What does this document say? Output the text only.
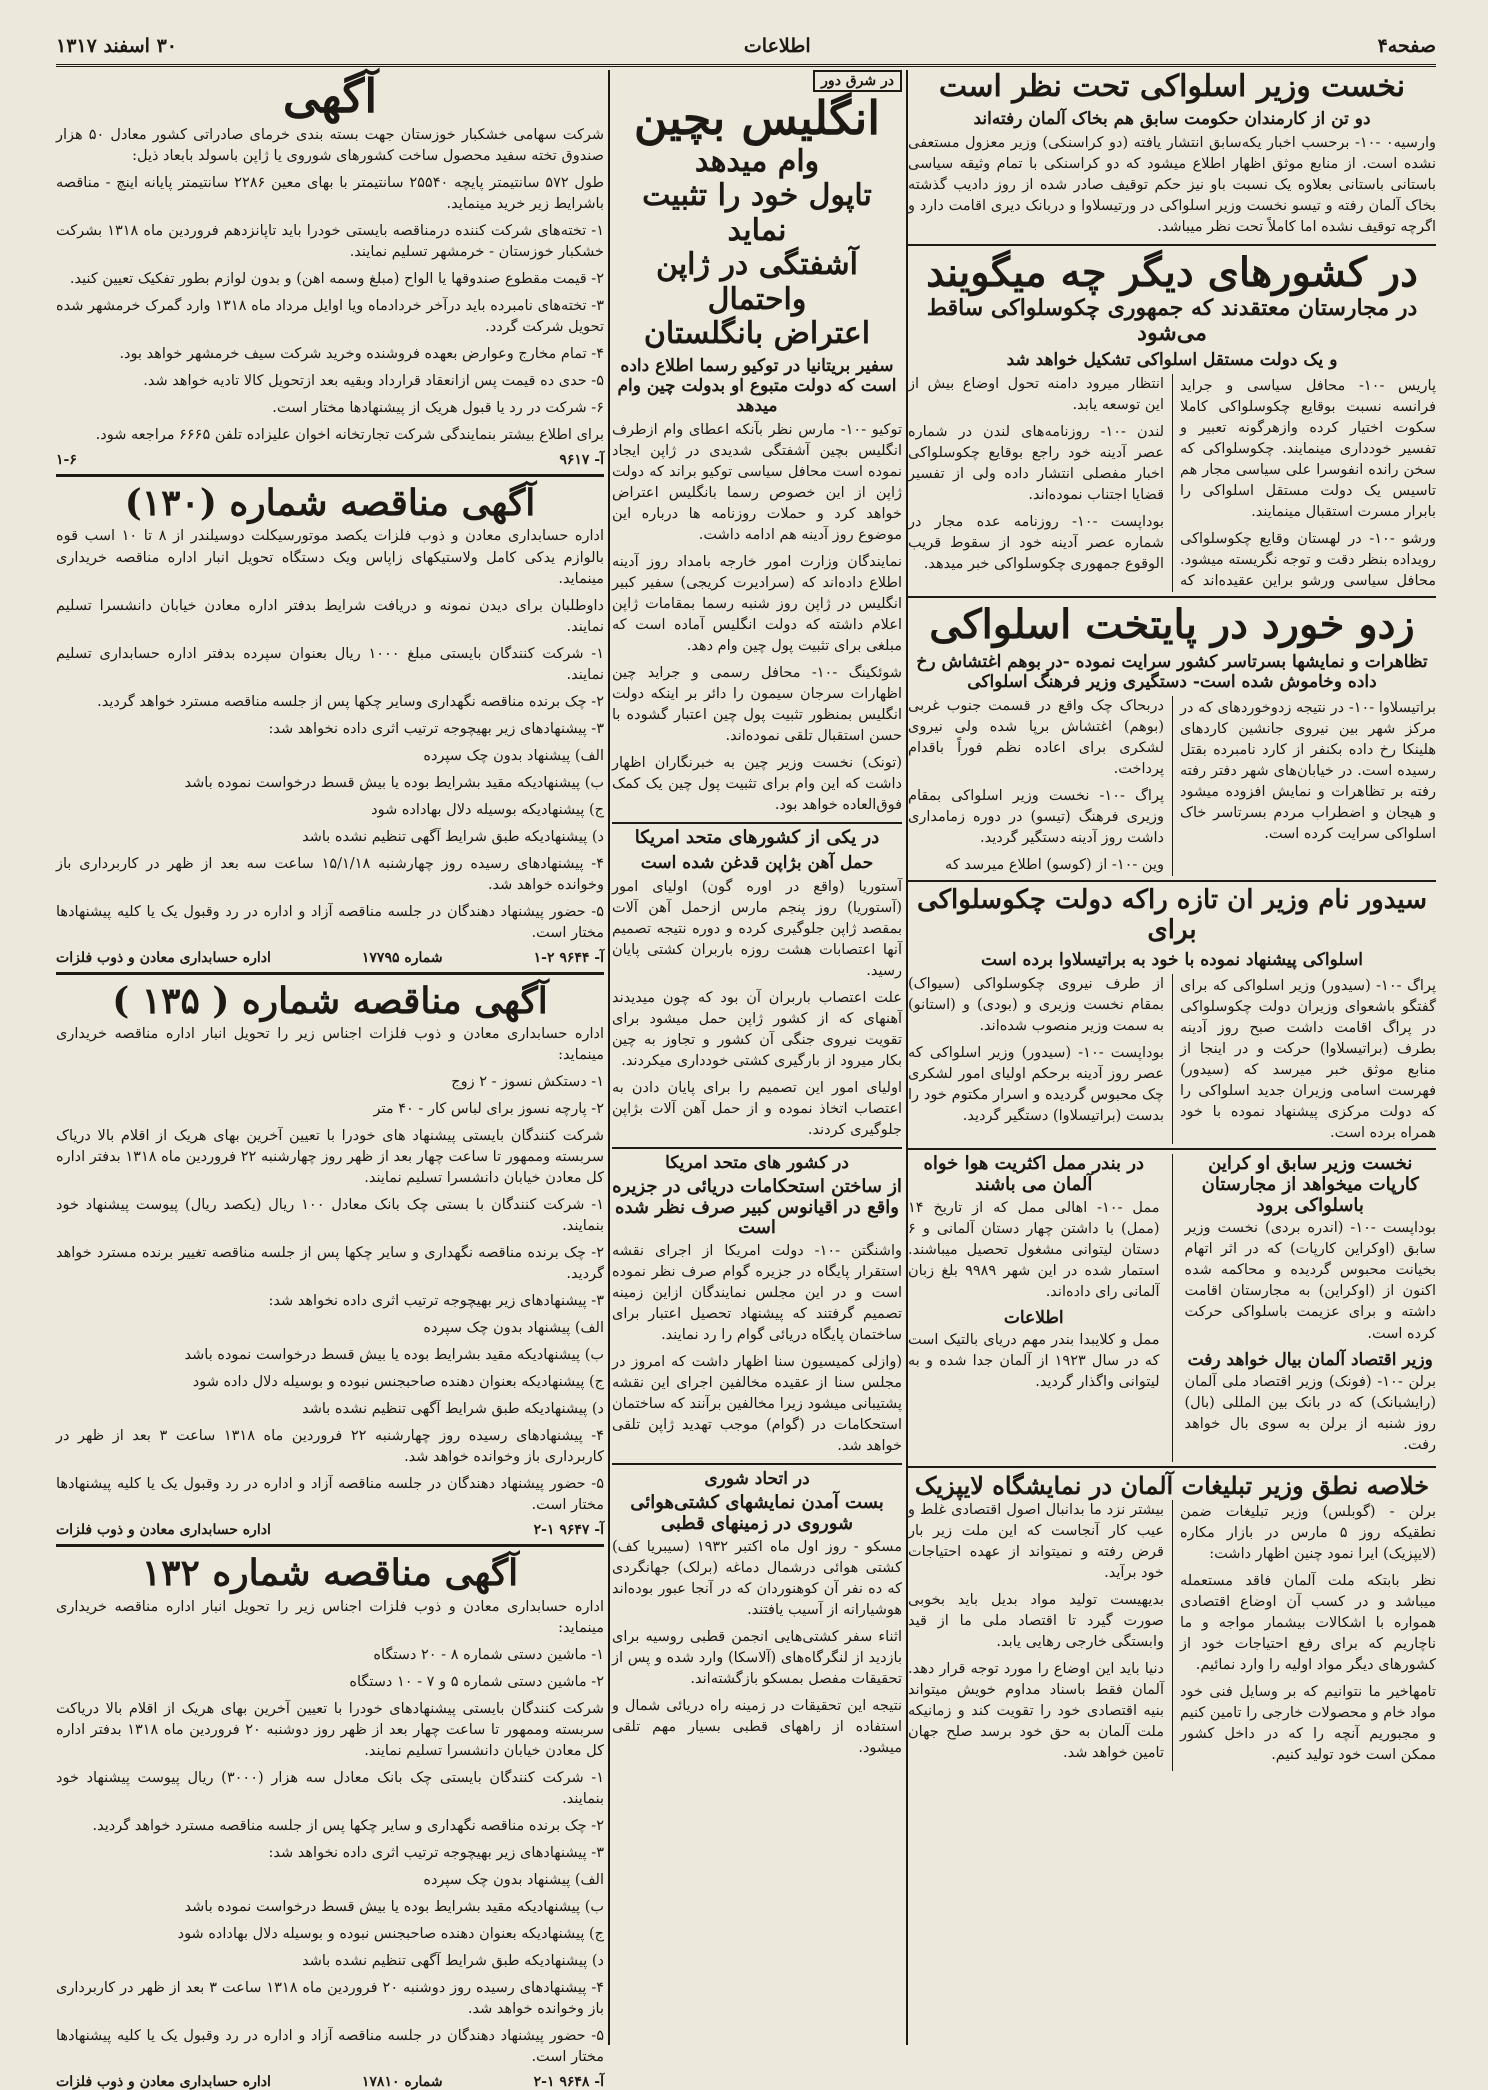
صفحه۴
اطلاعات
۳۰ اسفند ۱۳۱۷
نخست وزیر اسلواکی تحت نظر است
دو تن از کارمندان حکومت سابق هم بخاک آلمان رفته‌اند

وارسیه۰ -۱۰- برحسب اخبار یکه‌سابق انتشار یافته (دو کراسنکی) وزیر معزول مستعفی نشده است. از منابع موثق اظهار اطلاع میشود که دو کراسنکی با تمام وثیقه سیاسی باستانی باستانی بعلاوه یک نسبت باو نیز حکم توقیف صادر شده از روز دادیب گذشته بخاک آلمان رفته و تیسو نخست وزیر اسلواکی در ورتیسلاوا و دربانک دیری اقامت دارد و اگرچه توقیف نشده اما کاملاً تحت نظر میباشد.

در کشورهای دیگر چه میگویند
در مجارستان معتقدند که جمهوری چکوسلواکی ساقط می‌شود
و یک دولت مستقل اسلواکی تشکیل خواهد شد

پاریس -۱۰- محافل سیاسی و جراید فرانسه نسبت بوقایع چکوسلواکی کاملا سکوت اختیار کرده وازهرگونه تعبیر و تفسیر خودداری مینمایند. چکوسلواکی که سخن رانده انفوسرا علی سیاسی مجار هم تاسیس یک دولت مستقل اسلواکی را بابرار مسرت استقبال مینمایند.

ورشو -۱۰- در لهستان وقایع چکوسلواکی رویداده بنظر دقت و توجه نگریسته میشود. محافل سیاسی ورشو براین عقیده‌اند که انتظار میرود دامنه تحول اوضاع بیش از این توسعه یابد.

لندن -۱۰- روزنامه‌های لندن در شماره عصر آدینه خود راجع بوقایع چکوسلواکی اخبار مفصلی انتشار داده ولی از تفسیر قضایا اجتناب نموده‌اند.

بوداپست -۱۰- روزنامه عده مجار در شماره عصر آدینه خود از سقوط قریب الوقوع جمهوری چکوسلواکی خبر میدهد.

زدو خورد در پایتخت اسلواکی
تظاهرات و نمایشها بسرتاسر کشور سرایت نموده -در بوهم اغتشاش رخ داده وخاموش شده است- دستگیری وزیر فرهنگ اسلواکی

براتیسلاوا -۱۰- در نتیجه زدوخوردهای که در مرکز شهر بین نیروی جانشین کاردهای هلینکا رخ داده بکنفر از کارد نامبرده بقتل رسیده است. در خیابان‌های شهر دفتر رفته رفته بر تظاهرات و نمایش افزوده میشود و هیجان و اضطراب مردم بسرتاسر خاک اسلواکی سرایت کرده است.

دربحاک چک واقع در قسمت جنوب غربی (بوهم) اغتشاش برپا شده ولی نیروی لشکری برای اعاده نظم فوراً باقدام پرداخت.

پراگ -۱۰- نخست وزیر اسلواکی بمقام وزیری فرهنگ (تیسو) در دوره زمامداری داشت روز آدینه دستگیر گردید.

وین -۱۰- از (کوسو) اطلاع میرسد که

سیدور نام وزیر ان تازه راکه دولت چکوسلواکی برای
اسلواکی پیشنهاد نموده با خود به براتیسلاوا برده است

پراگ -۱۰- (سیدور) وزیر اسلواکی که برای گفتگو باشعوای وزیران دولت چکوسلواکی در پراگ اقامت داشت صبح روز آدینه بطرف (براتیسلاوا) حرکت و در اینجا از منابع موثق خبر میرسد که (سیدور) فهرست اسامی وزیران جدید اسلواکی را که دولت مرکزی پیشنهاد نموده با خود همراه برده است.

از طرف نیروی چکوسلواکی (سیواک) بمقام نخست وزیری و (بودی) و (استانو) به سمت وزیر منصوب شده‌اند.

بوداپست -۱۰- (سیدور) وزیر اسلواکی که عصر روز آدینه برحکم اولیای امور لشکری چک محبوس گردیده و اسرار مکتوم خود را بدست (براتیسلاوا) دستگیر گردید.

نخست وزیر سابق او کراین کارپات میخواهد از مجارستان باسلواکی برود

بوداپست -۱۰- (اندره بردی) نخست وزیر سابق (اوکراین کارپات) که در اثر اتهام بخیانت محبوس گردیده و محاکمه شده اکنون از (اوکراین) به مجارستان اقامت داشته و برای عزیمت باسلواکی حرکت کرده است.

وزیر اقتصاد آلمان بیال خواهد رفت

برلن -۱۰- (فونک) وزیر اقتصاد ملی آلمان (رایشبانک) که در بانک بین المللی (بال) روز شنبه از برلن به سوی بال خواهد رفت.

در بندر ممل اکثریت هوا خواه آلمان می باشند

ممل -۱۰- اهالی ممل که از تاریخ ۱۴ (ممل) با داشتن چهار دستان آلمانی و ۶ دستان لیتوانی مشغول تحصیل میباشند. استمار شده در این شهر ۹۹۸۹ بلغ زبان آلمانی رای داده‌اند.

اطلاعات

ممل و کلایبدا بندر مهم دریای بالتیک است که در سال ۱۹۲۳ از آلمان جدا شده و به لیتوانی واگذار گردید.

خلاصه نطق وزیر تبلیغات آلمان در نمایشگاه لایپزیک

برلن - (گوبلس) وزیر تبلیغات ضمن نطقیکه روز ۵ مارس در بازار مکاره (لایپزیک) ایرا نمود چنین اظهار داشت:

نظر بابتکه ملت آلمان فاقد مستعمله میباشد و در کسب آن اوضاع اقتصادی همواره با اشکالات بیشمار مواجه و ما ناچاریم که برای رفع احتیاجات خود از کشورهای دیگر مواد اولیه را وارد نمائیم.

تامهاخیر ما نتوانیم که بر وسایل فنی خود مواد خام و محصولات خارجی را تامین کنیم و مجبوریم آنچه را که در داخل کشور ممکن است خود تولید کنیم.

بیشتر نزد ما بدانبال اصول اقتصادی غلط و عیب کار آنجاست که این ملت زیر بار قرض رفته و نمیتواند از عهده احتیاجات خود برآید.

بدیهیست تولید مواد بدیل باید بخوبی صورت گیرد تا اقتصاد ملی ما از قید وابستگی خارجی رهایی یابد.

دنیا باید این اوضاع را مورد توجه قرار دهد. آلمان فقط باسناد مداوم خویش میتواند بنیه اقتصادی خود را تقویت کند و زمانیکه ملت آلمان به حق خود برسد صلح جهان تامین خواهد شد.

در شرق دور
انگلیس بچین
وام میدهد
تاپول خود را تثبیت نماید
آشفتگی در ژاپن واحتمال
اعتراض بانگلستان
سفیر بریتانیا در توکیو رسما اطلاع داده است که دولت متبوع او بدولت چین وام میدهد

توکیو -۱۰- مارس نظر بآنکه اعطای وام ازطرف انگلیس بچین آشفتگی شدیدی در ژاپن ایجاد نموده است محافل سیاسی توکیو براند که دولت ژاپن از این خصوص رسما بانگلیس اعتراض خواهد کرد و حملات روزنامه ها درباره این موضوع روز آدینه هم ادامه داشت.

نمایندگان وزارت امور خارجه بامداد روز آدینه اطلاع داده‌اند که (سرادیرت کریجی) سفیر کبیر انگلیس در ژاپن روز شنبه رسما بمقامات ژاپن اعلام داشته که دولت انگلیس آماده است که مبلغی برای تثبیت پول چین وام دهد.

شوئکینگ -۱۰- محافل رسمی و جراید چین اظهارات سرجان سیمون را دائر بر اینکه دولت انگلیس بمنظور تثبیت پول چین اعتبار گشوده با حسن استقبال تلقی نموده‌اند.

(تونک) نخست وزیر چین به خبرنگاران اظهار داشت که این وام برای تثبیت پول چین یک کمک فوق‌العاده خواهد بود.

در یکی از کشورهای متحد امریکا
حمل آهن بژاپن قدغن شده است

آستوریا (واقع در اوره گون) اولیای امور (آستوریا) روز پنجم مارس ازحمل آهن آلات بمقصد ژاپن جلوگیری کرده و دوره نتیجه تصمیم آنها اعتصابات هشت روزه باربران کشتی پایان رسید.

علت اعتصاب باربران آن بود که چون میدیدند آهنهای که از کشور ژاپن حمل میشود برای تقویت نیروی جنگی آن کشور و تجاوز به چین بکار میرود از بارگیری کشتی خودداری میکردند.

اولیای امور این تصمیم را برای پایان دادن به اعتصاب اتخاذ نموده و از حمل آهن آلات بژاپن جلوگیری کردند.

در کشور های متحد امریکا
از ساختن استحکامات دریائی در جزیره واقع در اقیانوس کبیر صرف نظر شده است

واشنگتن -۱۰- دولت امریکا از اجرای نقشه استقرار پایگاه در جزیره گوام صرف نظر نموده است و در این مجلس نمایندگان ازاین زمینه تصمیم گرفتند که پیشنهاد تحصیل اعتبار برای ساختمان پایگاه دریائی گوام را رد نمایند.

(وازلی کمیسیون سنا اظهار داشت که امروز در مجلس سنا از عقیده مخالفین اجرای این نقشه پشتیبانی میشود زیرا مخالفین برآنند که ساختمان استحکامات در (گوام) موجب تهدید ژاپن تلقی خواهد شد.

در اتحاد شوری
بست آمدن نمایشهای کشتی‌هوائی شوروی در زمینهای قطبی

مسکو - روز اول ماه اکتبر ۱۹۳۲ (سیبریا کف) کشتی هوائی درشمال دماغه (برلک) جهانگردی که ده نفر آن کوهنوردان که در آنجا عبور بوده‌اند هوشیارانه از آسیب یافتند.

اثناء سفر کشتی‌هایی انجمن قطبی روسیه برای بازدید از لنگرگاه‌های (آلاسکا) وارد شده و پس از تحقیقات مفصل بمسکو بازگشته‌اند.

نتیجه این تحقیقات در زمینه راه دریائی شمال و استفاده از راههای قطبی بسیار مهم تلقی میشود.

آگهی

شرکت سهامی خشکبار خوزستان جهت بسته بندی خرمای صادراتی کشور معادل ۵۰ هزار صندوق تخته سفید محصول ساخت کشورهای شوروی یا ژاپن باسولد بابعاد ذیل:

طول ۵۷۲ سانتیمتر پایچه ۲۵۵۴۰ سانتیمتر با بهای معین ۲۲۸۶ سانتیمتر پایانه اینچ - مناقصه باشرایط زیر خرید مینماید.

۱- تخته‌های شرکت کننده درمناقصه بایستی خودرا باید تاپانزدهم فروردین ماه ۱۳۱۸ بشرکت خشکبار خوزستان - خرمشهر تسلیم نمایند.

۲- قیمت مقطوع صندوقها یا الواح (مبلغ وسمه اهن) و بدون لوازم بطور تفکیک تعیین کنید.

۳- تخته‌های نامبرده باید درآخر خردادماه ویا اوایل مرداد ماه ۱۳۱۸ وارد گمرک خرمشهر شده تحویل شرکت گردد.

۴- تمام مخارج وعوارض بعهده فروشنده وخرید شرکت سیف خرمشهر خواهد بود.

۵- حدی ده قیمت پس ازانعقاد قرارداد وبقیه بعد ازتحویل کالا تادیه خواهد شد.

۶- شرکت در رد یا قبول هریک از پیشنهادها مختار است.

برای اطلاع بیشتر بنمایندگی شرکت تجارتخانه اخوان علیزاده تلفن ۶۶۶۵ مراجعه شود.

آ- ۹۶۱۷
۱-۶
آگهی مناقصه شماره (۱۳۰)

اداره حسابداری معادن و ذوب فلزات یکصد موتورسیکلت دوسیلندر از ۸ تا ۱۰ اسب قوه بالوازم یدکی کامل ولاستیکهای زاپاس ویک دستگاه تحویل انبار اداره مناقصه خریداری مینماید.

داوطلبان برای دیدن نمونه و دریافت شرایط بدفتر اداره معادن خیابان دانشسرا تسلیم نمایند.

۱- شرکت کنندگان بایستی مبلغ ۱۰۰۰ ریال بعنوان سپرده بدفتر اداره حسابداری تسلیم نمایند.

۲- چک برنده مناقصه نگهداری وسایر چکها پس از جلسه مناقصه مسترد خواهد گردید.

۳- پیشنهادهای زیر بهیچوجه ترتیب اثری داده نخواهد شد:

الف) پیشنهاد بدون چک سپرده

ب) پیشنهادیکه مقید بشرایط بوده یا بیش قسط درخواست نموده باشد

ج) پیشنهادیکه بوسیله دلال بهاداده شود

د) پیشنهادیکه طبق شرایط آگهی تنظیم نشده باشد

۴- پیشنهادهای رسیده روز چهارشنبه ۱۵/۱/۱۸ ساعت سه بعد از ظهر در کاربرداری باز وخوانده خواهد شد.

۵- حضور پیشنهاد دهندگان در جلسه مناقصه آزاد و اداره در رد وقبول یک یا کلیه پیشنهادها مختار است.

آ- ۹۶۴۴ ۲-۱
شماره ۱۷۷۹۵
اداره حسابداری معادن و ذوب فلزات
آگهی مناقصه شماره ( ۱۳۵ )

اداره حسابداری معادن و ذوب فلزات اجناس زیر را تحویل انبار اداره مناقصه خریداری مینماید:

۱- دستکش نسوز - ۲ زوج

۲- پارچه نسوز برای لباس کار - ۴۰ متر

شرکت کنندگان بایستی پیشنهاد های خودرا با تعیین آخرین بهای هریک از اقلام بالا دریاک سربسته وممهور تا ساعت چهار بعد از ظهر روز چهارشنبه ۲۲ فروردین ماه ۱۳۱۸ بدفتر اداره کل معادن خیابان دانشسرا تسلیم نمایند.

۱- شرکت کنندگان با بستی چک بانک معادل ۱۰۰ ریال (یکصد ریال) پیوست پیشنهاد خود بنمایند.

۲- چک برنده مناقصه نگهداری و سایر چکها پس از جلسه مناقصه تغییر برنده مسترد خواهد گردید.

۳- پیشنهادهای زیر بهیچوجه ترتیب اثری داده نخواهد شد:

الف) پیشنهاد بدون چک سپرده

ب) پیشنهادیکه مقید بشرایط بوده یا بیش قسط درخواست نموده باشد

ج) پیشنهادیکه بعنوان دهنده صاحبجنس نبوده و بوسیله دلال داده شود

د) پیشنهادیکه طبق شرایط آگهی تنظیم نشده باشد

۴- پیشنهادهای رسیده روز چهارشنبه ۲۲ فروردین ماه ۱۳۱۸ ساعت ۳ بعد از ظهر در کاربرداری باز وخوانده خواهد شد.

۵- حضور پیشنهاد دهندگان در جلسه مناقصه آزاد و اداره در رد وقبول یک یا کلیه پیشنهادها مختار است.

آ- ۹۶۴۷ ۱-۲
اداره حسابداری معادن و ذوب فلزات
آگهی مناقصه شماره ۱۳۲

اداره حسابداری معادن و ذوب فلزات اجناس زیر را تحویل انبار اداره مناقصه خریداری مینماید:

۱- ماشین دستی شماره ۸ - ۲۰ دستگاه

۲- ماشین دستی شماره ۵ و ۷ - ۱۰ دستگاه

شرکت کنندگان بایستی پیشنهادهای خودرا با تعیین آخرین بهای هریک از اقلام بالا دریاکت سربسته وممهور تا ساعت چهار بعد از ظهر روز دوشنبه ۲۰ فروردین ماه ۱۳۱۸ بدفتر اداره کل معادن خیابان دانشسرا تسلیم نمایند.

۱- شرکت کنندگان بایستی چک بانک معادل سه هزار (۳۰۰۰) ریال پیوست پیشنهاد خود بنمایند.

۲- چک برنده مناقصه نگهداری و سایر چکها پس از جلسه مناقصه مسترد خواهد گردید.

۳- پیشنهادهای زیر بهیچوجه ترتیب اثری داده نخواهد شد:

الف) پیشنهاد بدون چک سپرده

ب) پیشنهادیکه مقید بشرایط بوده یا بیش قسط درخواست نموده باشد

ج) پیشنهادیکه بعنوان دهنده صاحبجنس نبوده و بوسیله دلال بهاداده شود

د) پیشنهادیکه طبق شرایط آگهی تنظیم نشده باشد

۴- پیشنهادهای رسیده روز دوشنبه ۲۰ فروردین ماه ۱۳۱۸ ساعت ۳ بعد از ظهر در کاربرداری باز وخوانده خواهد شد.

۵- حضور پیشنهاد دهندگان در جلسه مناقصه آزاد و اداره در رد وقبول یک یا کلیه پیشنهادها مختار است.

آ- ۹۶۴۸ ۱-۲
شماره ۱۷۸۱۰
اداره حسابداری معادن و ذوب فلزات
